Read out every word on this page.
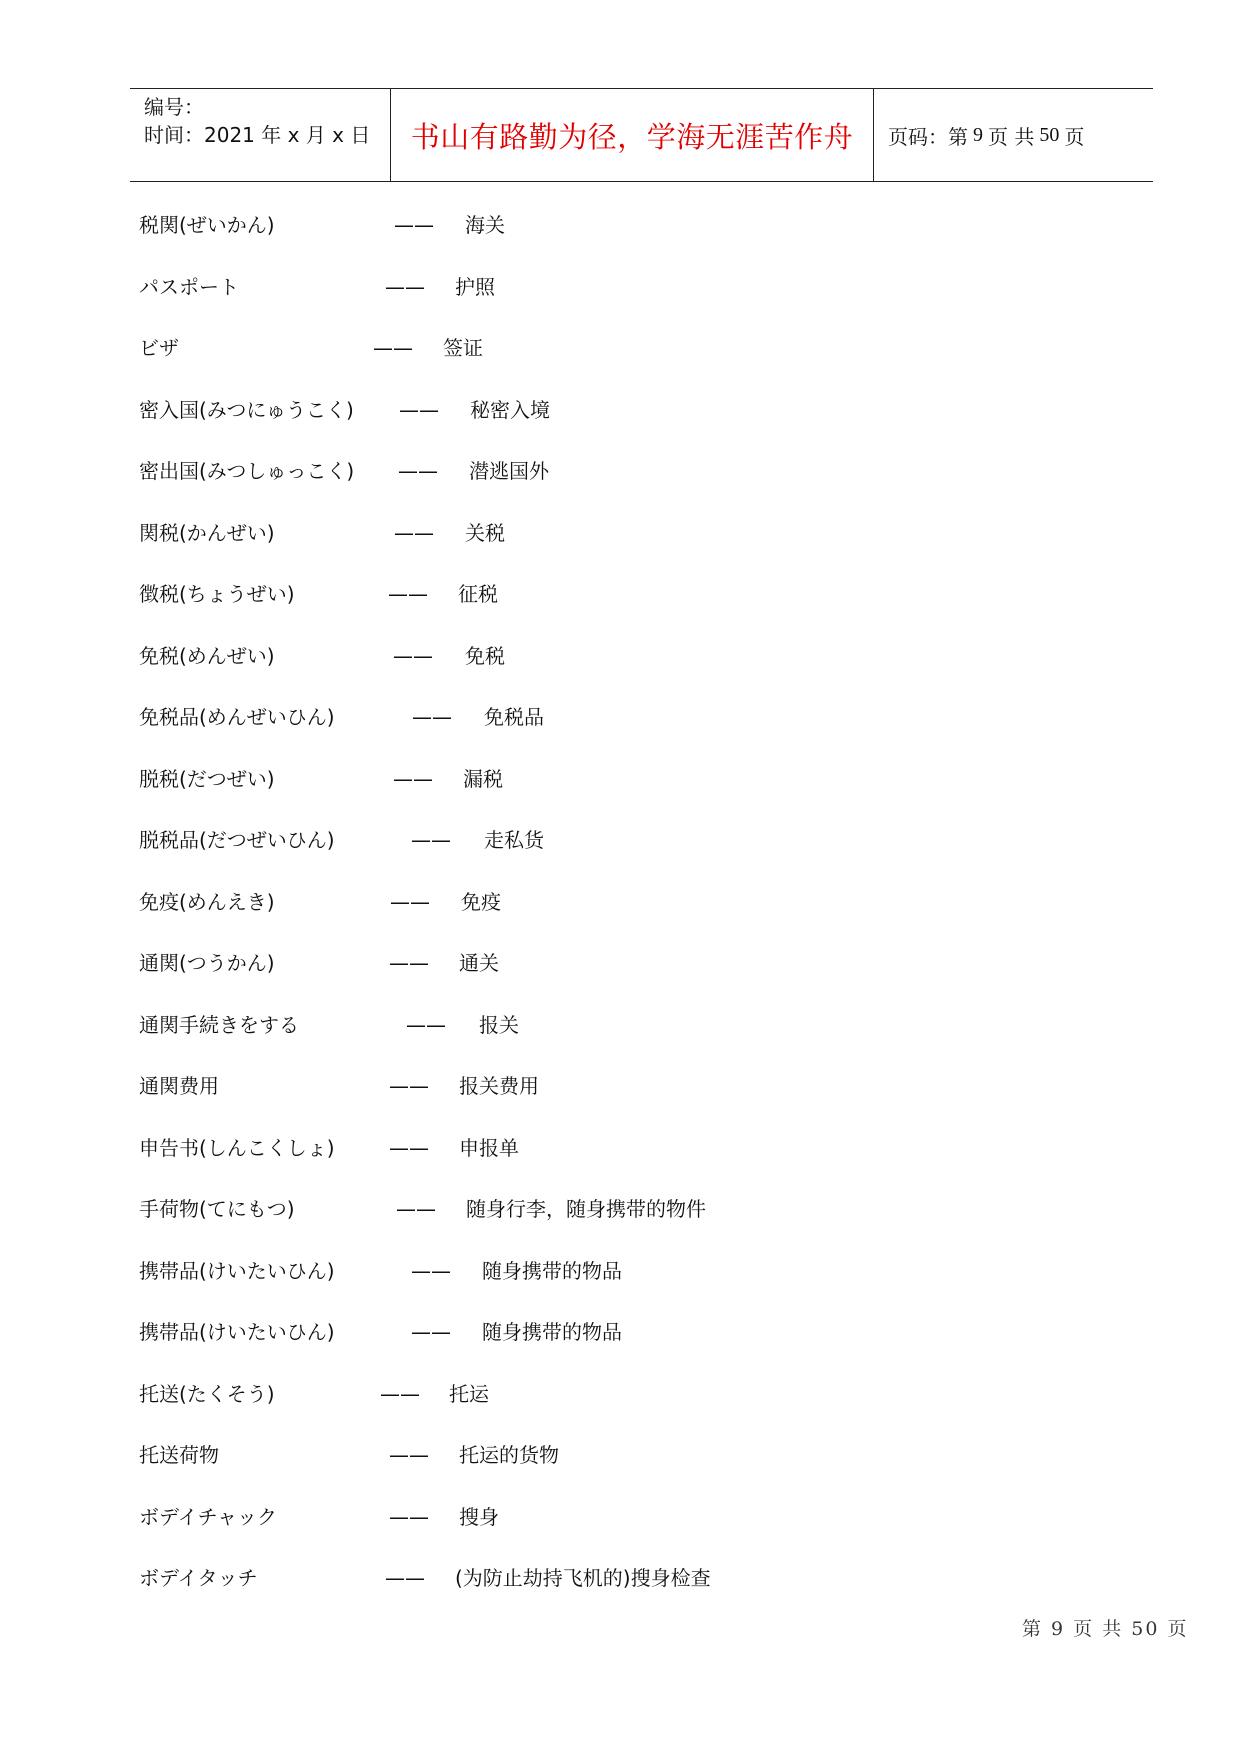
编号：
时间：2021 年 x 月 x 日	书山有路勤为径，学海无涯苦作舟	页码：第 9 页 共 50 页
税関(ぜいかん)	—— 海关
パスポート	—— 护照
ビザ	—— 签证
密入国(みつにゅうこく) —— 秘密入境
密出国(みつしゅっこく) —— 潜逃国外
関税(かんぜい)	—— 关税
徴税(ちょうぜい)	—— 征税
免税(めんぜい)	—— 免税
免税品(めんぜいひん)	—— 免税品
脱税(だつぜい)	—— 漏税
脱税品(だつぜいひん)	—— 走私货
免疫(めんえき)	—— 免疫
通関(つうかん)	—— 通关
通関手続きをする	—— 报关
通関费用	—— 报关费用
申告书(しんこくしょ)	—— 申报单
手荷物(てにもつ)	—— 随身行李，随身携带的物件
携帯品(けいたいひん)	—— 随身携带的物品
携帯品(けいたいひん)	—— 随身携带的物品
托送(たくそう)	—— 托运
托送荷物	—— 托运的货物
ボデイチャック	—— 搜身
ボデイタッチ	—— (为防止劫持飞机的)搜身检查
第 9 页 共 50 页
